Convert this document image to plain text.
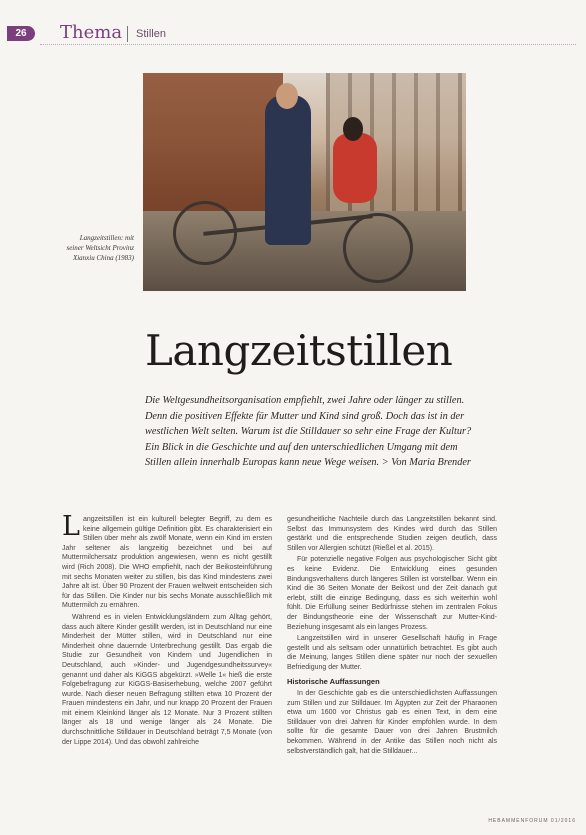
26	Thema Stillen
Langzeitstillen: mit seiner Weltsicht Provinz Xianxiu China (1983)
Langzeitstillen
Die Weltgesundheitsorganisation empfiehlt, zwei Jahre oder länger zu stillen. Denn die positiven Effekte für Mutter und Kind sind groß. Doch das ist in der westlichen Welt selten. Warum ist die Stilldauer so sehr eine Frage der Kultur? Ein Blick in die Geschichte und auf den unterschiedlichen Umgang mit dem Stillen allein innerhalb Europas kann neue Wege weisen. > Von Maria Brender

Langzeitstillen ist ein kulturell belegter Begriff, zu dem es keine allgemein gültige Definition gibt. Es charakterisiert ein Stillen über mehr als zwölf Monate, wenn ein Kind im ersten Jahr seltener als langzeitig bezeichnet und bei auf Muttermilchersatz produktion angewiesen, wenn es nicht gestillt wird (Rich 2008). Die WHO empfiehlt, nach der Beikosteinführung mit sechs Monaten weiter zu stillen, bis das Kind mindestens zwei Jahre alt ist. Über 90 Prozent der Frauen weltweit entscheiden sich für das Stillen. Die Kinder nur bis sechs Monate ausschließlich mit Muttermilch zu ernähren.

Während es in vielen Entwicklungsländern zum Alltag gehört, dass auch ältere Kinder gestillt werden, ist in Deutschland nur eine Minderheit der Mütter stillen, wird in Deutschland nur eine Minderheit ohne dauernde Unterbrechung gestillt. Das ergab die Studie zur Gesundheit von Kindern und Jugendlichen in Deutschland, auch »Kinder- und Jugendgesundheitssurvey« genannt und daher als KiGGS abgekürzt. »Welle 1« hieß die erste Folgebefragung zur KiGGS-Basiserhebung, welche 2007 geführt wurde. Nach dieser neuen Befragung stillten etwa 10 Prozent der Frauen mindestens ein Jahr, und nur knapp 20 Prozent der Frauen mit einem Kleinkind länger als 12 Monate. Nur 3 Prozent stillten länger als 18 und wenige länger als 24 Monate. Die durchschnittliche Stilldauer in Deutschland beträgt 7,5 Monate (von der Lippe 2014). Und das obwohl zahlreiche

gesundheitliche Nachteile durch das Langzeitstillen bekannt sind. Selbst das Immunsystem des Kindes wird durch das Stillen gestärkt und die entsprechende Studien zeigen deutlich, dass Stillen vor Allergien schützt (Rießel et al. 2015).

Für potenzielle negative Folgen aus psychologischer Sicht gibt es keine Evidenz. Die Entwicklung eines gesunden Bindungsverhaltens durch längeres Stillen ist vorstellbar. Wenn ein Kind die 36 Seiten Monate der Beikost und der Zeit danach gut erlebt, stillt die einzige Bedingung, dass es sich weiterhin wohl fühlt. Die Erfüllung seiner Bedürfnisse stehen im zentralen Fokus der Bindungstheorie eine der Wissenschaft zur Mutter-Kind-Beziehung insgesamt als ein langes Prozess.

Langzeitstillen wird in unserer Gesellschaft häufig in Frage gestellt und als seltsam oder unnatürlich betrachtet. Es gibt auch die Meinung, langes Stillen diene später nur noch der sexuellen Befriedigung der Mutter.

Historische Auffassungen

In der Geschichte gab es die unterschiedlichsten Auffassungen zum Stillen und zur Stilldauer. Im Ägypten zur Zeit der Pharaonen etwa um 1600 vor Christus gab es einen Text, in dem eine Stilldauer von drei Jahren für Kinder empfohlen wurde. In dem sollte für die gesamte Dauer von drei Jahren Brustmilch bekommen. Während in der Antike das Stillen noch nicht als selbstverständlich galt, hat die Stilldauer...

HEBAMMENFORUM 01/2016
